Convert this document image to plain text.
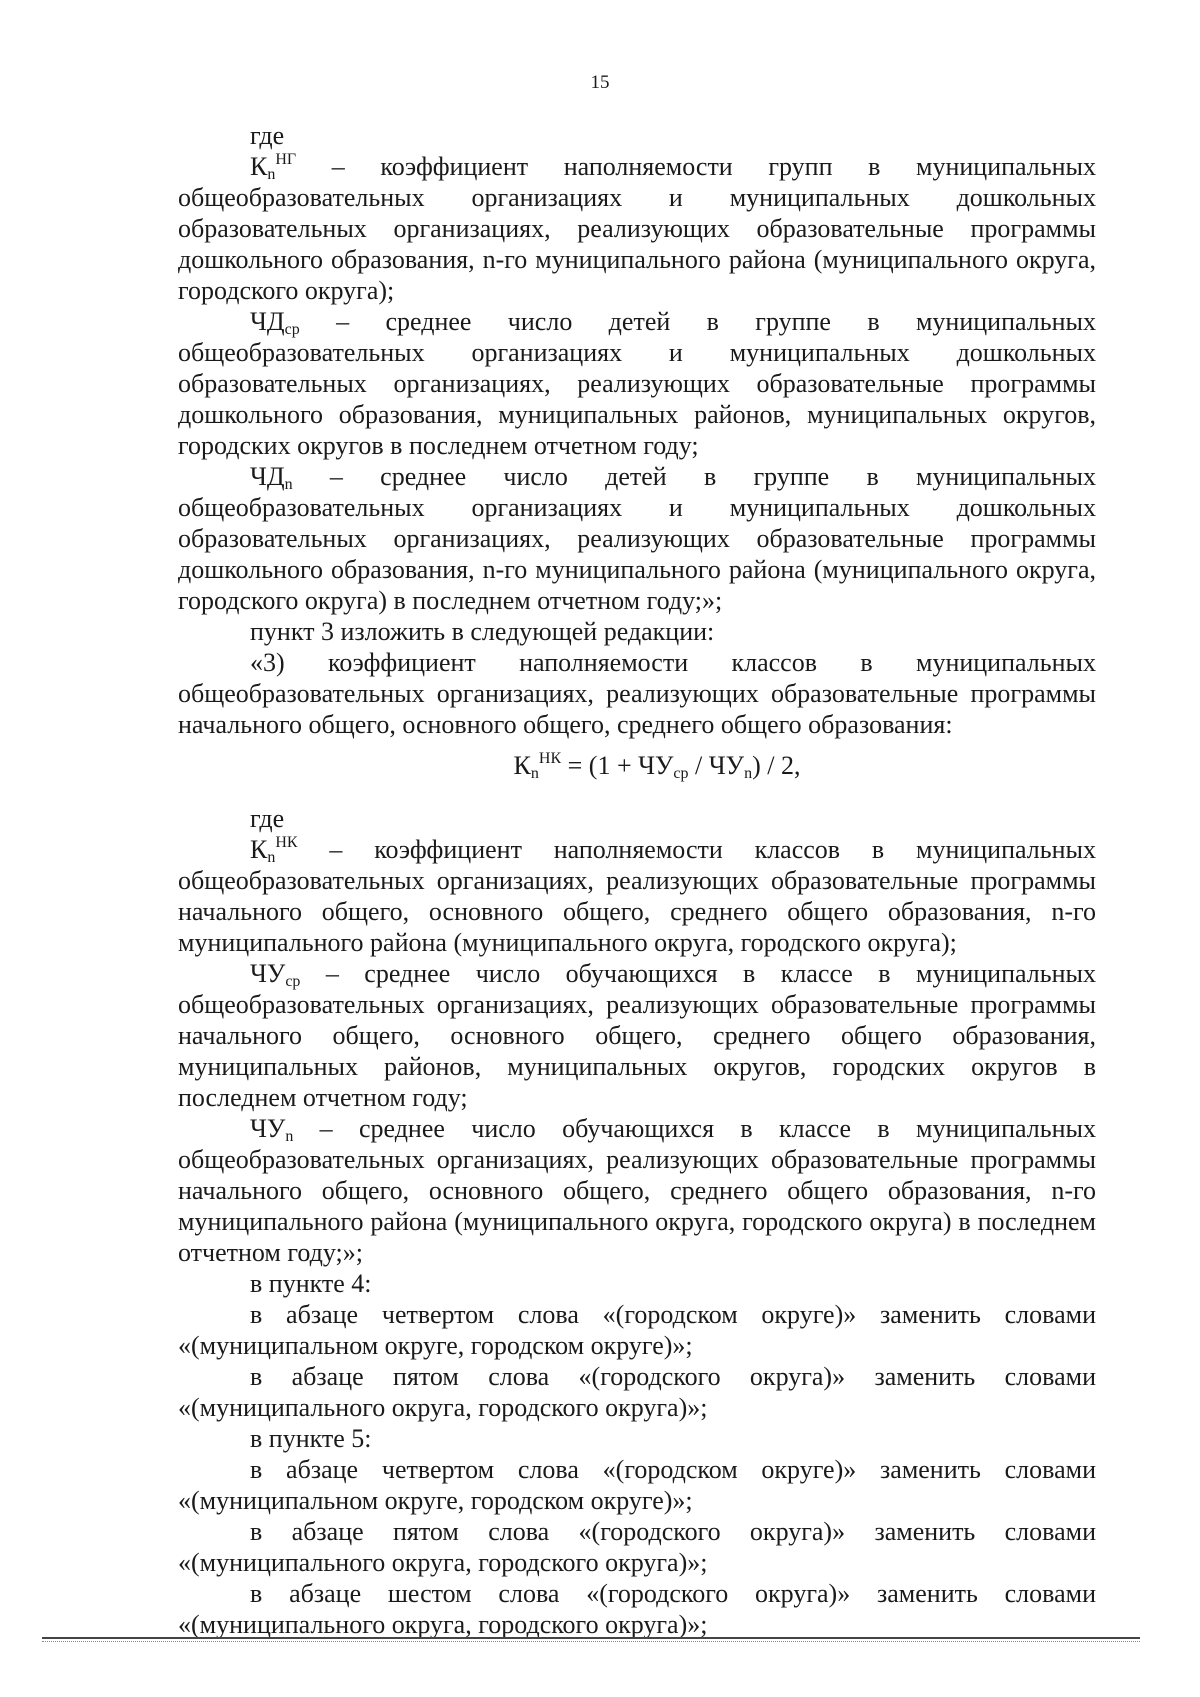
15

где

$К_n^{НГ}$ – коэффициент наполняемости групп в муниципальных общеобразовательных организациях и муниципальных дошкольных образовательных организациях, реализующих образовательные программы дошкольного образования, n-го муниципального района (муниципального округа, городского округа);

$ЧД_{ср}$ – среднее число детей в группе в муниципальных общеобразовательных организациях и муниципальных дошкольных образовательных организациях, реализующих образовательные программы дошкольного образования, муниципальных районов, муниципальных округов, городских округов в последнем отчетном году;

$ЧД_n$ – среднее число детей в группе в муниципальных общеобразовательных организациях и муниципальных дошкольных образовательных организациях, реализующих образовательные программы дошкольного образования, n-го муниципального района (муниципального округа, городского округа) в последнем отчетном году;»;

пункт 3 изложить в следующей редакции:

«3) коэффициент наполняемости классов в муниципальных общеобразовательных организациях, реализующих образовательные программы начального общего, основного общего, среднего общего образования:

$К_n^{НК} = (1 + ЧУ_{ср} / ЧУ_n) / 2$,

где

$К_n^{НК}$ – коэффициент наполняемости классов в муниципальных общеобразовательных организациях, реализующих образовательные программы начального общего, основного общего, среднего общего образования, n-го муниципального района (муниципального округа, городского округа);

$ЧУ_{ср}$ – среднее число обучающихся в классе в муниципальных общеобразовательных организациях, реализующих образовательные программы начального общего, основного общего, среднего общего образования, муниципальных районов, муниципальных округов, городских округов в последнем отчетном году;

$ЧУ_n$ – среднее число обучающихся в классе в муниципальных общеобразовательных организациях, реализующих образовательные программы начального общего, основного общего, среднего общего образования, n-го муниципального района (муниципального округа, городского округа) в последнем отчетном году;»;

в пункте 4:

в абзаце четвертом слова «(городском округе)» заменить словами «(муниципальном округе, городском округе)»;

в абзаце пятом слова «(городского округа)» заменить словами «(муниципального округа, городского округа)»;

в пункте 5:

в абзаце четвертом слова «(городском округе)» заменить словами «(муниципальном округе, городском округе)»;

в абзаце пятом слова «(городского округа)» заменить словами «(муниципального округа, городского округа)»;

в абзаце шестом слова «(городского округа)» заменить словами «(муниципального округа, городского округа)»;
